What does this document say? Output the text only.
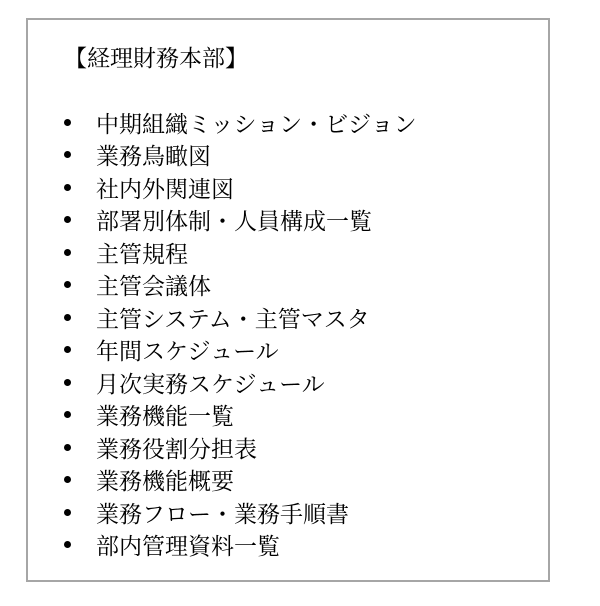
【経理財務本部】
中期組織ミッション・ビジョン
業務鳥瞰図
社内外関連図
部署別体制・人員構成一覧
主管規程
主管会議体
主管システム・主管マスタ
年間スケジュール
月次実務スケジュール
業務機能一覧
業務役割分担表
業務機能概要
業務フロー・業務手順書
部内管理資料一覧
